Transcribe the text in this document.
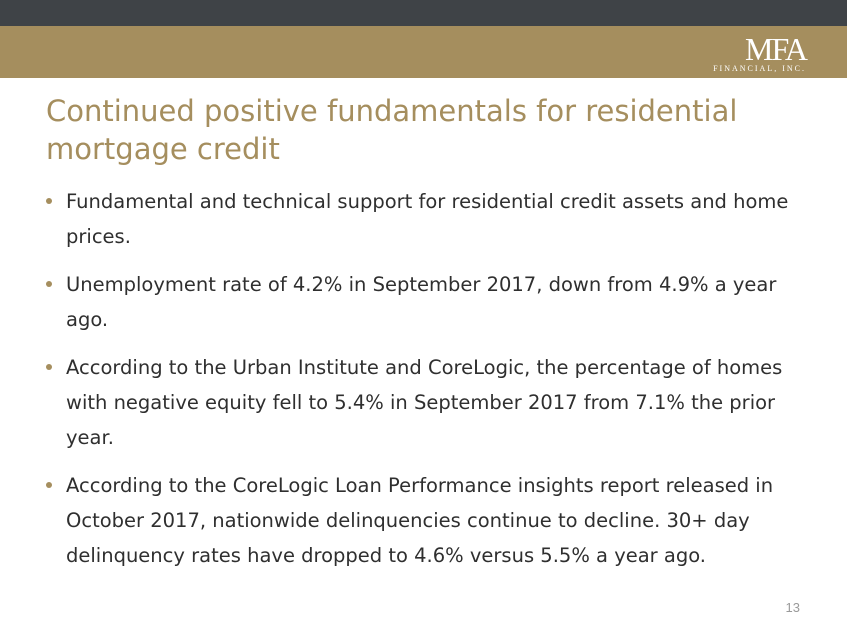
MFA
FINANCIAL, INC.
Continued positive fundamentals for residential mortgage credit
Fundamental and technical support for residential credit assets and home prices.
Unemployment rate of 4.2% in September 2017, down from 4.9% a year ago.
According to the Urban Institute and CoreLogic, the percentage of homes with negative equity fell to 5.4% in September 2017 from 7.1% the prior year.
According to the CoreLogic Loan Performance insights report released in October 2017, nationwide delinquencies continue to decline. 30+ day delinquency rates have dropped to 4.6% versus 5.5% a year ago.
13
